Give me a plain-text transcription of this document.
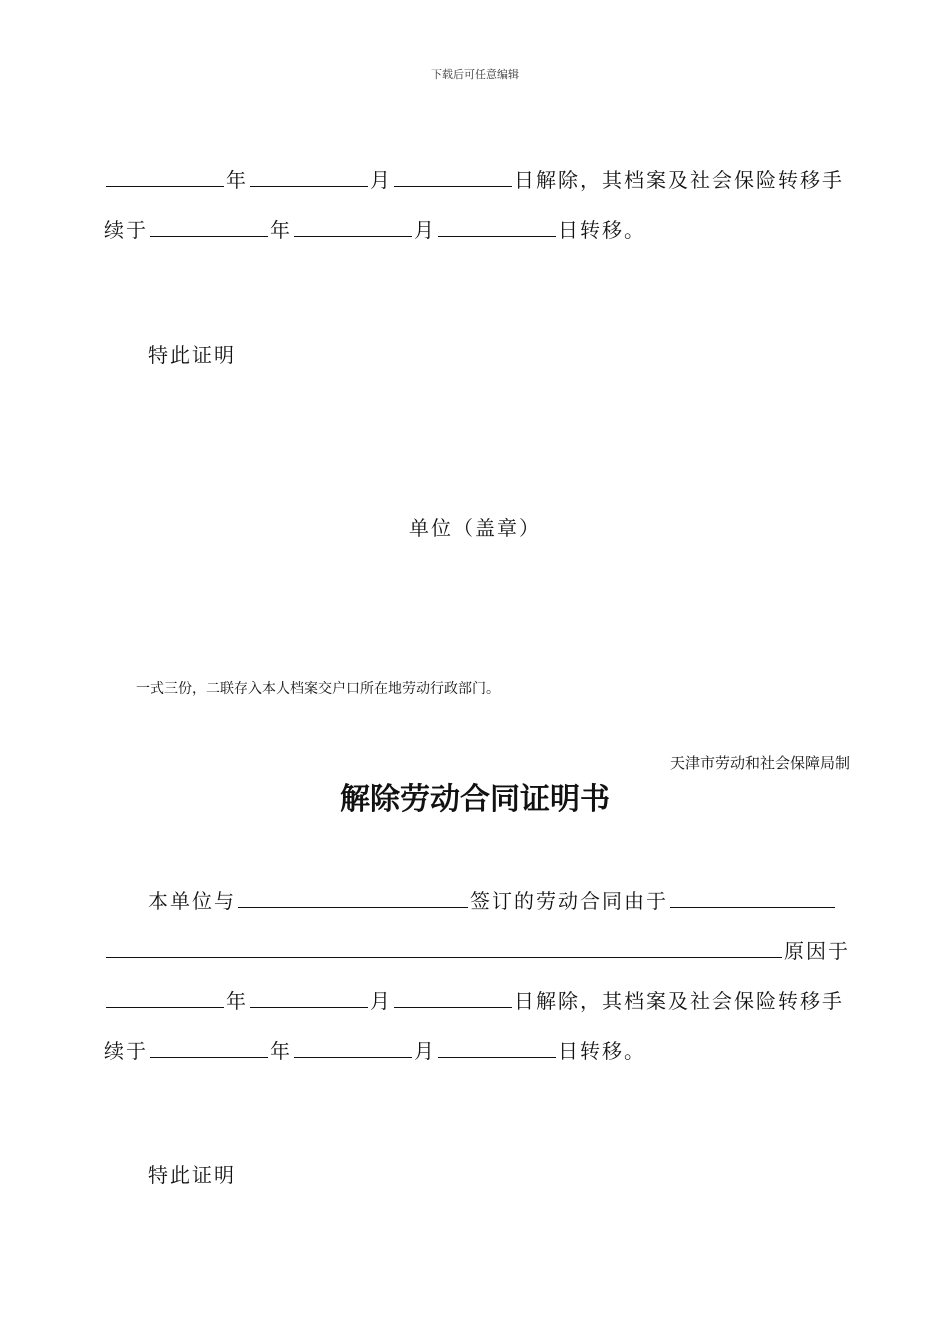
下载后可任意编辑
年	月	日解除，其档案及社会保险转移手
续于	年	月	日转移。
特此证明
单位（盖章）
一式三份，二联存入本人档案交户口所在地劳动行政部门。
天津市劳动和社会保障局制
解除劳动合同证明书
本单位与	签订的劳动合同由于
原因于
年	月	日解除，其档案及社会保险转移手
续于	年	月	日转移。
特此证明
